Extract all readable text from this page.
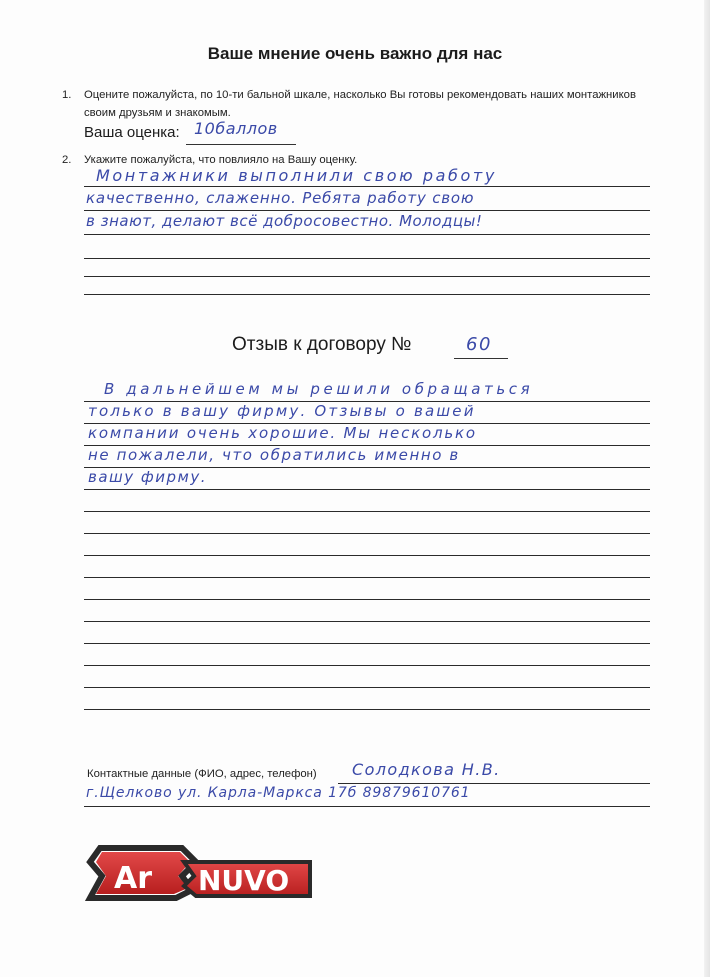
Ваше мнение очень важно для нас
1. Оцените пожалуйста, по 10-ти бальной шкале, насколько Вы готовы рекомендовать наших монтажников своим друзьям и знакомым.
Ваша оценка: 10баллов
2. Укажите пожалуйста, что повлияло на Вашу оценку.
Монтажники выполнили свою работу
качественно, слаженно. Ребята работу свою
в знают, делают всё добросовестно. Молодцы!
Отзыв к договору №	60
В дальнейшем мы решили обращаться
только в вашу фирму. Отзывы о вашей
компании очень хорошие. Мы несколько
не пожалели, что обратились именно в
вашу фирму.
Контактные данные (ФИО, адрес, телефон) Солодкова Н.В.
г.Щелково ул. Карла-Маркса 17б 89879610761
Ar NUVO
